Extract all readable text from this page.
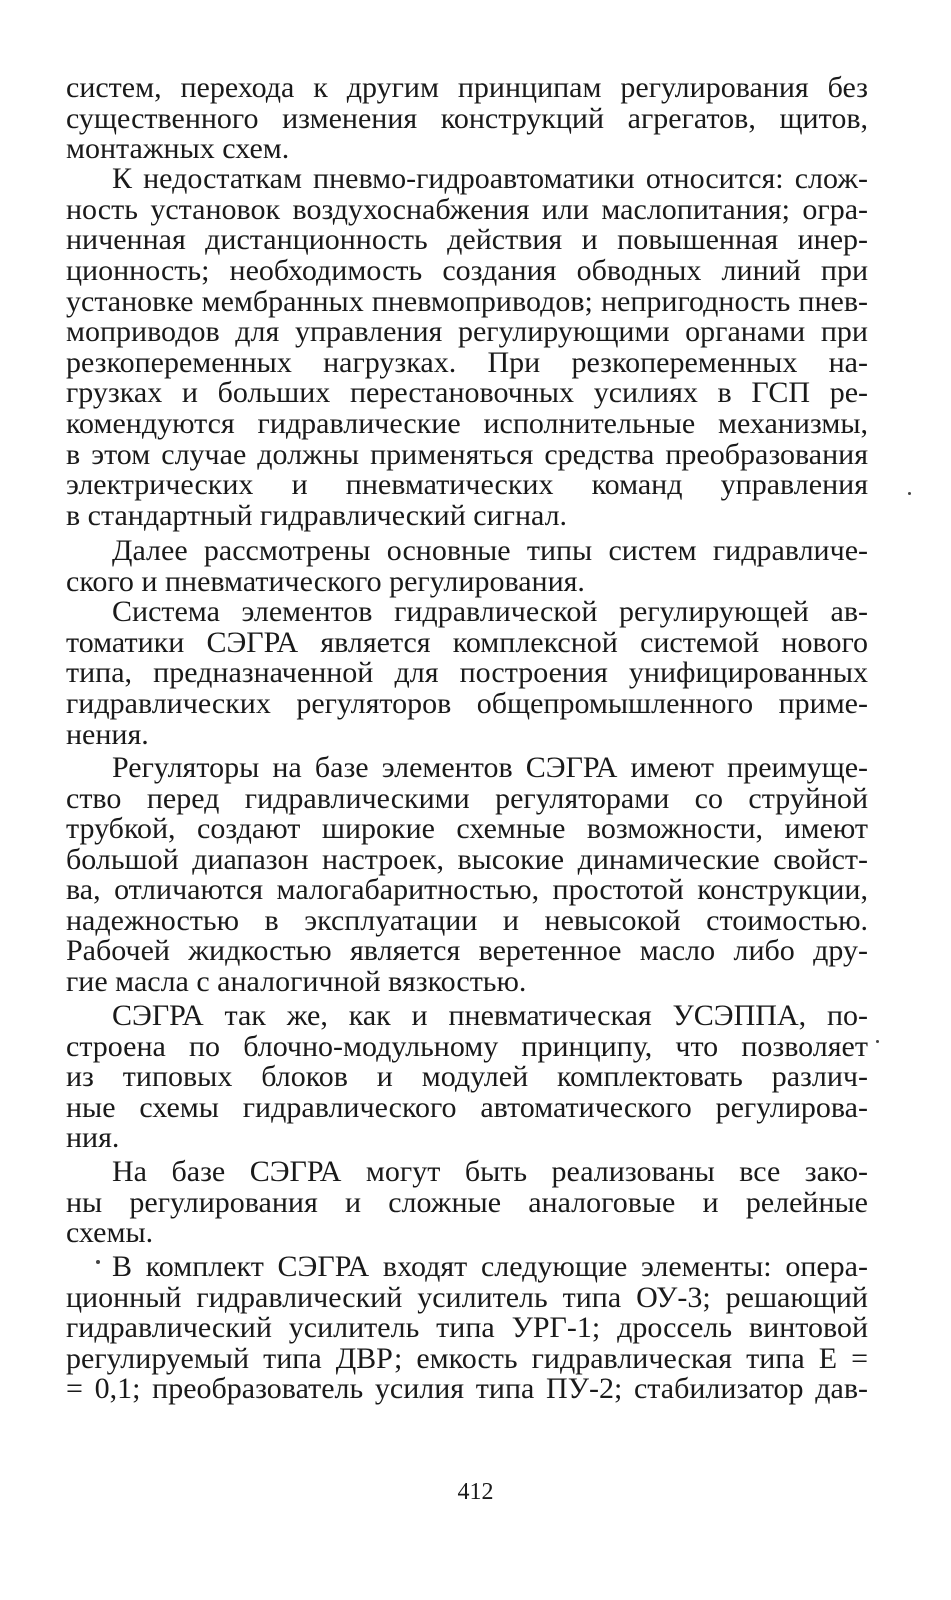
систем, перехода к другим принципам регулирования без
существенного изменения конструкций агрегатов, щитов,
монтажных схем.
К недостаткам пневмо-гидроавтоматики относится: слож-
ность установок воздухоснабжения или маслопитания; огра-
ниченная дистанционность действия и повышенная инер-
ционность; необходимость создания обводных линий при
установке мембранных пневмоприводов; непригодность пнев-
моприводов для управления регулирующими органами при
резкопеременных нагрузках. При резкопеременных на-
грузках и больших перестановочных усилиях в ГСП ре-
комендуются гидравлические исполнительные механизмы,
в этом случае должны применяться средства преобразования
электрических и пневматических команд управления
в стандартный гидравлический сигнал.
Далее рассмотрены основные типы систем гидравличе-
ского и пневматического регулирования.
Система элементов гидравлической регулирующей ав-
томатики СЭГРА является комплексной системой нового
типа, предназначенной для построения унифицированных
гидравлических регуляторов общепромышленного приме-
нения.
Регуляторы на базе элементов СЭГРА имеют преимуще-
ство перед гидравлическими регуляторами со струйной
трубкой, создают широкие схемные возможности, имеют
большой диапазон настроек, высокие динамические свойст-
ва, отличаются малогабаритностью, простотой конструкции,
надежностью в эксплуатации и невысокой стоимостью.
Рабочей жидкостью является веретенное масло либо дру-
гие масла с аналогичной вязкостью.
СЭГРА так же, как и пневматическая УСЭППА, по-
строена по блочно-модульному принципу, что позволяет
из типовых блоков и модулей комплектовать различ-
ные схемы гидравлического автоматического регулирова-
ния.
На базе СЭГРА могут быть реализованы все зако-
ны регулирования и сложные аналоговые и релейные
схемы.
В комплект СЭГРА входят следующие элементы: опера-
ционный гидравлический усилитель типа ОУ-3; решающий
гидравлический усилитель типа УРГ-1; дроссель винтовой
регулируемый типа ДВР; емкость гидравлическая типа Е =
= 0,1; преобразователь усилия типа ПУ-2; стабилизатор дав-
412
